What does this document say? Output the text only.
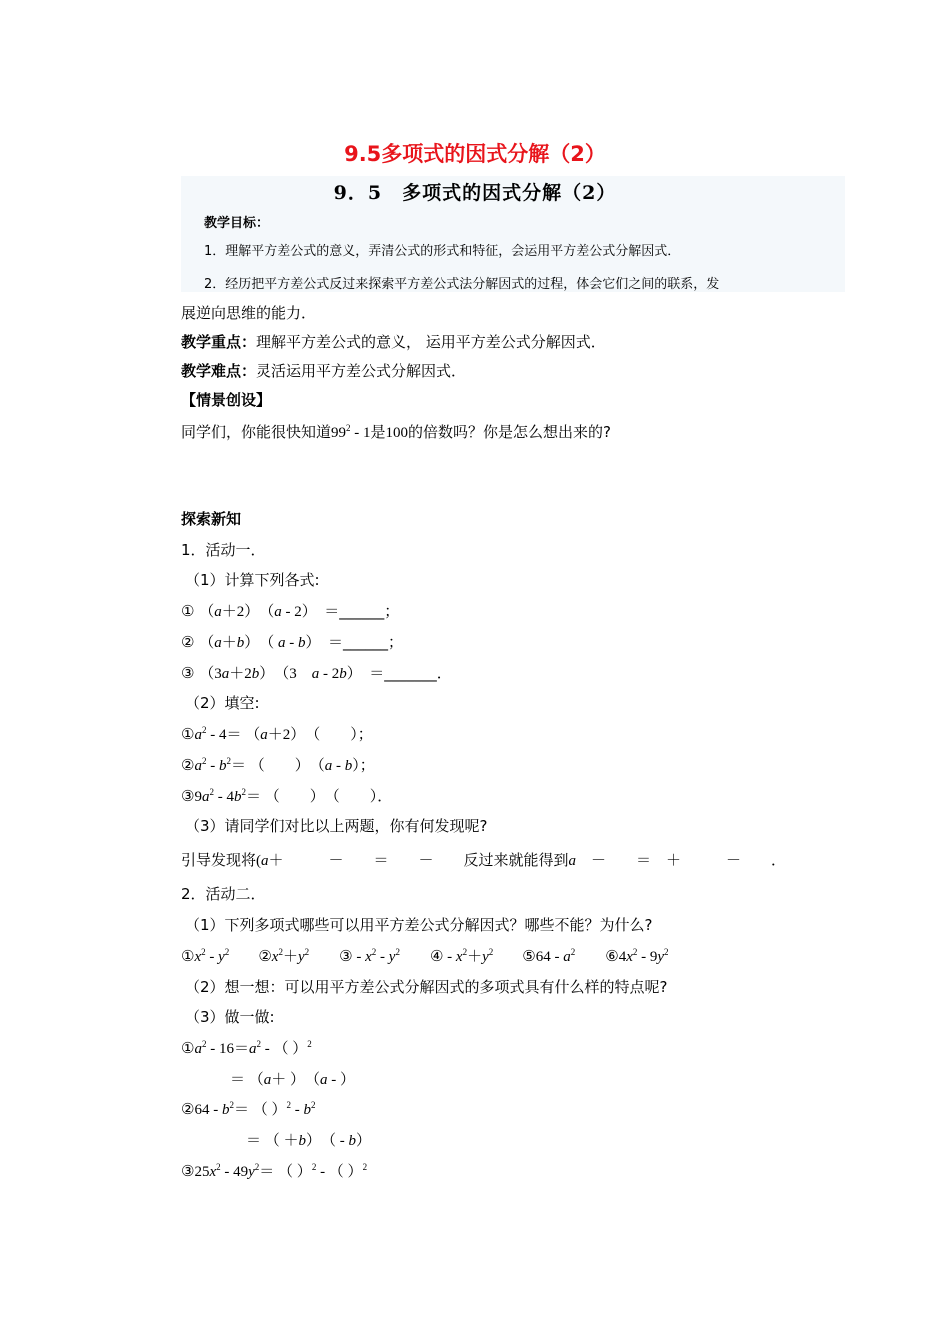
9.5多项式的因式分解（2）
9．5　多项式的因式分解（2）
教学目标：
1．理解平方差公式的意义，弄清公式的形式和特征，会运用平方差公式分解因式．
2．经历把平方差公式反过来探索平方差公式法分解因式的过程，体会它们之间的联系，发
展逆向思维的能力．
教学重点：理解平方差公式的意义， 运用平方差公式分解因式．
教学难点：灵活运用平方差公式分解因式．
【情景创设】
同学们，你能很快知道$99^2 - 1$是100的倍数吗？你是怎么想出来的?
探索新知
1．活动一．
（1）计算下列各式:
① （a＋2）　（a - 2）　＝______；
② （a＋b）　（ a - b）　＝______；
③ （3a＋2b）　（3　a - 2b）　＝_______．
（2）填空:
$①a^2 - 4= (a+2)$　（　　）；
$②a^2 - b^2=$ （　　）　（a - b）；
$③9a^2 - 4b^2=$ （　　）　（　　）．
（3）请同学们对比以上两题，你有何发现呢?
引导发现将(a＋　　　－　　＝　　－　　反过来就能得到a　－　　＝　＋　　　－　　．
2．活动二．
（1）下列多项式哪些可以用平方差公式分解因式？哪些不能？为什么?
$①x^2 - y^2$　 $②x^2+y^2$　　 ③ - $x^2 - y^2$　　 ④ - $x^2+y^2$　 ⑤64 - $a^2$　　 $⑥4x^2 - 9y^2$
（2）想一想：可以用平方差公式分解因式的多项式具有什么样的特点呢?
（3）做一做:
$①a^2 - 16=a^2$ - （ ）$^2$
＝ （a＋ ）　（a - ）
②64 - $b^2=$ （ ）$^2 - b^2$
＝ （ ＋b）　（ - b）
$③25x^2 - 49y^2=$ （ ）$^2$ - （ ）$^2$
